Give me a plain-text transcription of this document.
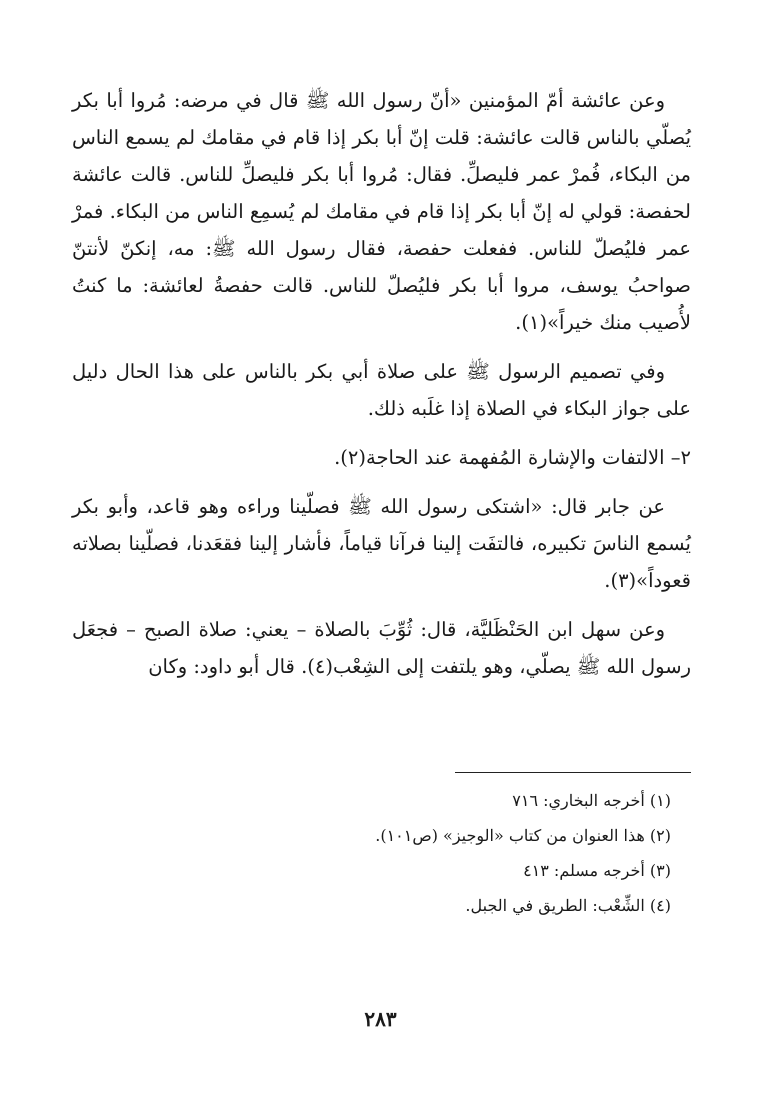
وعن عائشة أمّ المؤمنين «أنّ رسول الله ﷺ قال في مرضه: مُروا أبا بكر يُصلّي بالناس قالت عائشة: قلت إنّ أبا بكر إذا قام في مقامك لم يسمع الناس من البكاء، فُمرْ عمر فليصلِّ. فقال: مُروا أبا بكر فليصلِّ للناس. قالت عائشة لحفصة: قولي له إنّ أبا بكر إذا قام في مقامك لم يُسمِع الناس من البكاء. فمرْ عمر فليُصلّ للناس. ففعلت حفصة، فقال رسول الله ﷺ: مه، إنكنّ لأنتنّ صواحبُ يوسف، مروا أبا بكر فليُصلّ للناس. قالت حفصةُ لعائشة: ما كنتُ لأُصيب منك خيراً»(١).

وفي تصميم الرسول ﷺ على صلاة أبي بكر بالناس على هذا الحال دليل على جواز البكاء في الصلاة إذا غلَبه ذلك.

٢– الالتفات والإشارة المُفهمة عند الحاجة(٢).

عن جابر قال: «اشتكى رسول الله ﷺ فصلّينا وراءه وهو قاعد، وأبو بكر يُسمع الناسَ تكبيره، فالتفَت إلينا فرآنا قياماً، فأشار إلينا فقعَدنا، فصلّينا بصلاته قعوداً»(٣).

وعن سهل ابن الحَنْظَليَّة، قال: ثُوِّبَ بالصلاة – يعني: صلاة الصبح – فجعَل رسول الله ﷺ يصلّي، وهو يلتفت إلى الشِعْب(٤). قال أبو داود: وكان

(١) أخرجه البخاري: ٧١٦

(٢) هذا العنوان من كتاب «الوجيز» (ص١٠١).

(٣) أخرجه مسلم: ٤١٣

(٤) الشِّعْب: الطريق في الجبل.

٢٨٣
